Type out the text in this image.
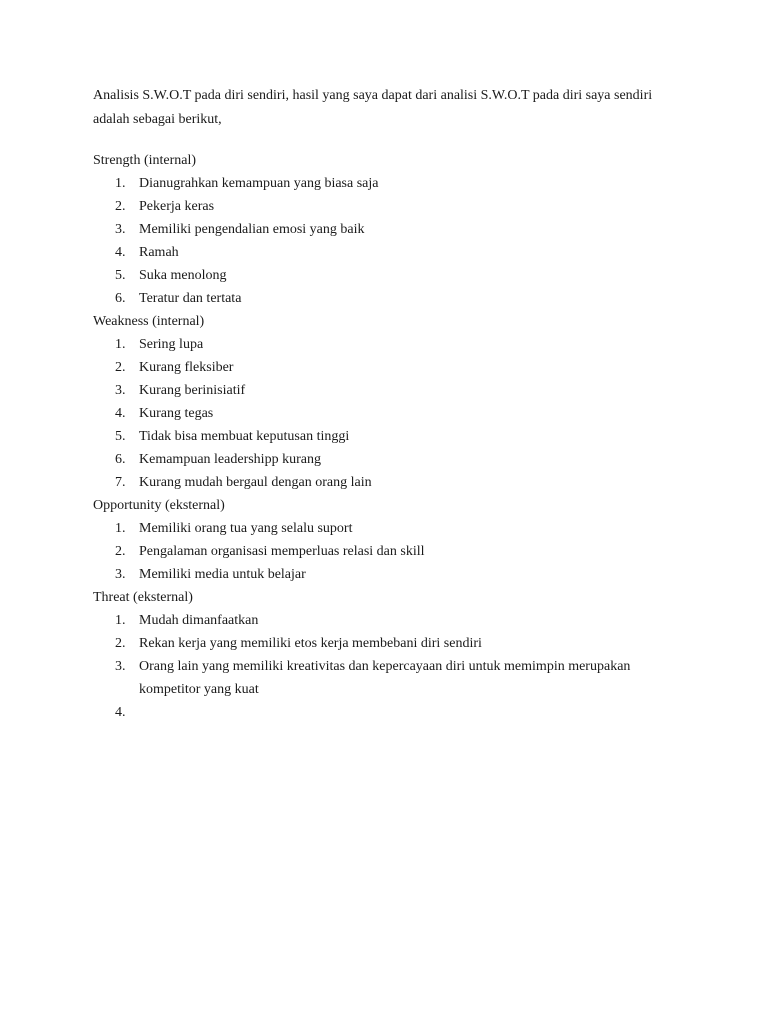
Analisis S.W.O.T pada diri sendiri, hasil yang saya dapat dari analisi S.W.O.T pada diri saya sendiri adalah sebagai berikut,

Strength (internal)

1. Dianugrahkan kemampuan yang biasa saja
2. Pekerja keras
3. Memiliki pengendalian emosi yang baik
4. Ramah
5. Suka menolong
6. Teratur dan tertata

Weakness (internal)

1. Sering lupa
2. Kurang fleksiber
3. Kurang berinisiatif
4. Kurang tegas
5. Tidak bisa membuat keputusan tinggi
6. Kemampuan leadershipp kurang
7. Kurang mudah bergaul dengan orang lain

Opportunity (eksternal)

1. Memiliki orang tua yang selalu suport
2. Pengalaman organisasi memperluas relasi dan skill
3. Memiliki media untuk belajar

Threat (eksternal)

1. Mudah dimanfaatkan
2. Rekan kerja yang memiliki etos kerja membebani diri sendiri
3. Orang lain yang memiliki kreativitas dan kepercayaan diri untuk memimpin merupakan kompetitor yang kuat
4.
